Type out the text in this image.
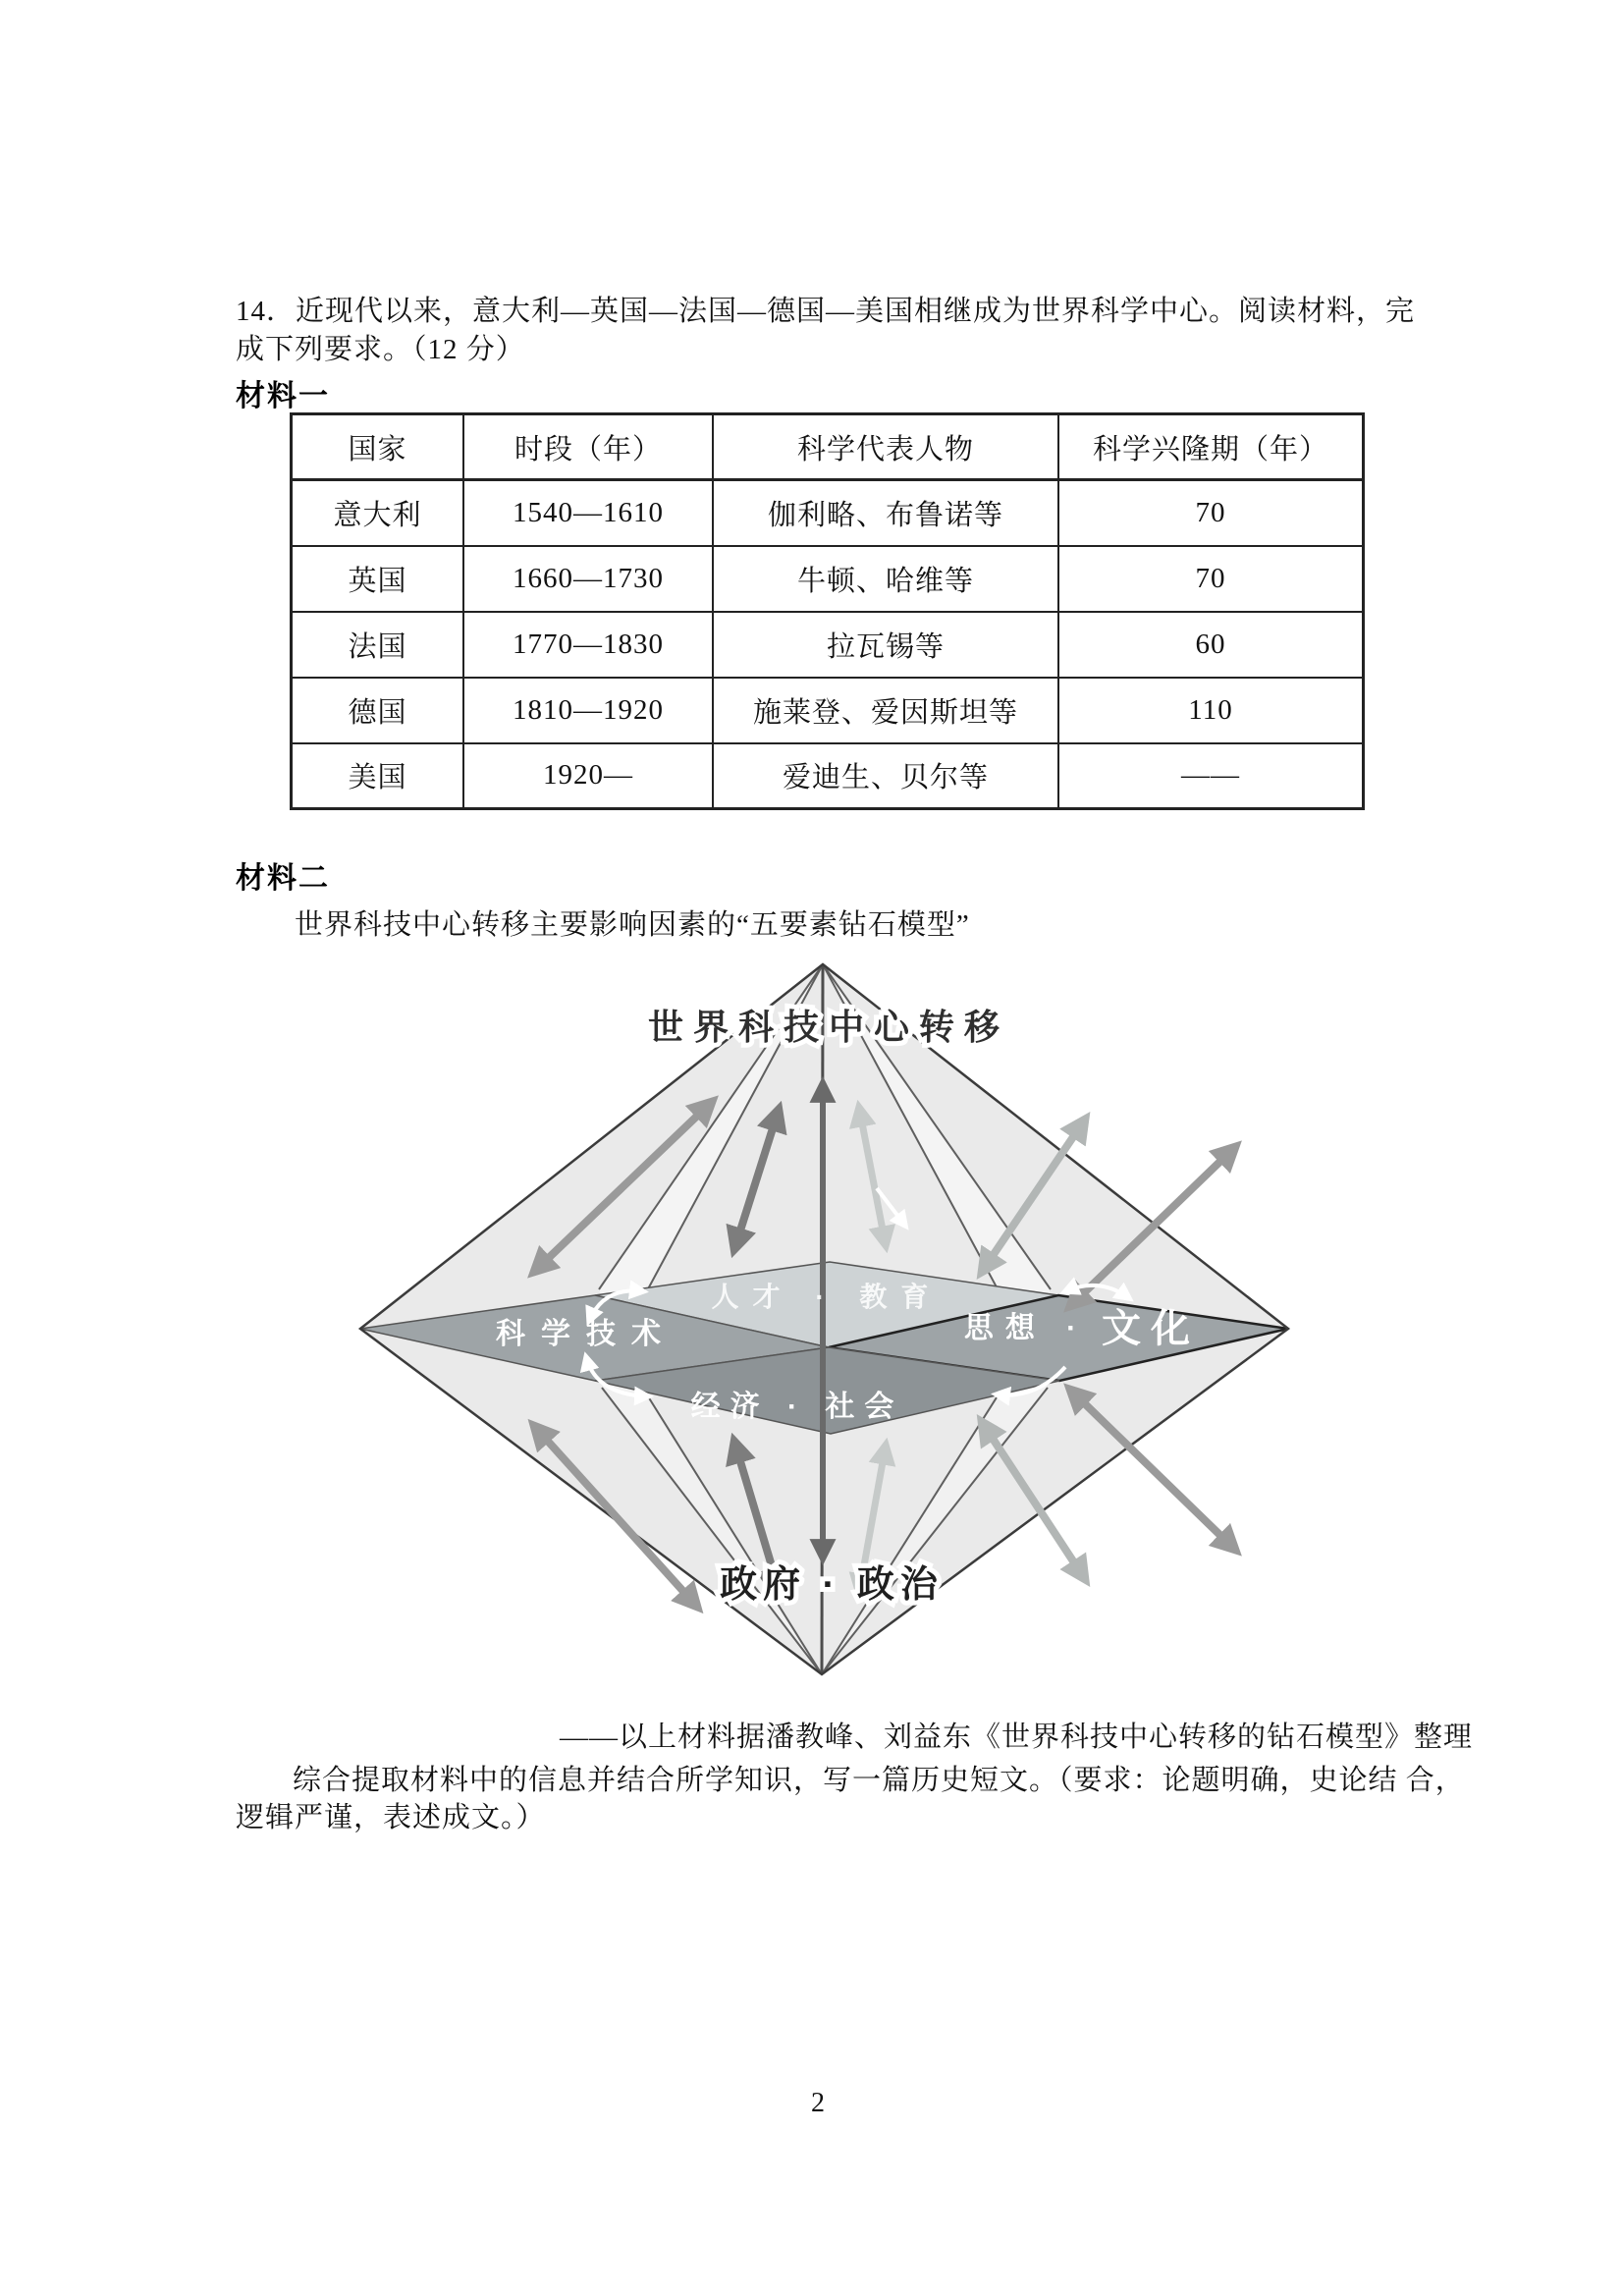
14．近现代以来，意大利—英国—法国—德国—美国相继成为世界科学中心。阅读材料，完
成下列要求。（12 分）
材料一
国家	时段（年）	科学代表人物	科学兴隆期（年）
意大利	1540—1610	伽利略、布鲁诺等	70
英国	1660—1730	牛顿、哈维等	70
法国	1770—1830	拉瓦锡等	60
德国	1810—1920	施莱登、爱因斯坦等	110
美国	1920—	爱迪生、贝尔等	——
材料二
世界科技中心转移主要影响因素的“五要素钻石模型”
人才 · 教育
科学技术	思想 · 文化
经济 · 社会
世界科技中心转移
政府 · 政治
——以上材料据潘教峰、刘益东《世界科技中心转移的钻石模型》整理
综合提取材料中的信息并结合所学知识，写一篇历史短文。（要求：论题明确，史论结 合，
逻辑严谨，表述成文。）
2
